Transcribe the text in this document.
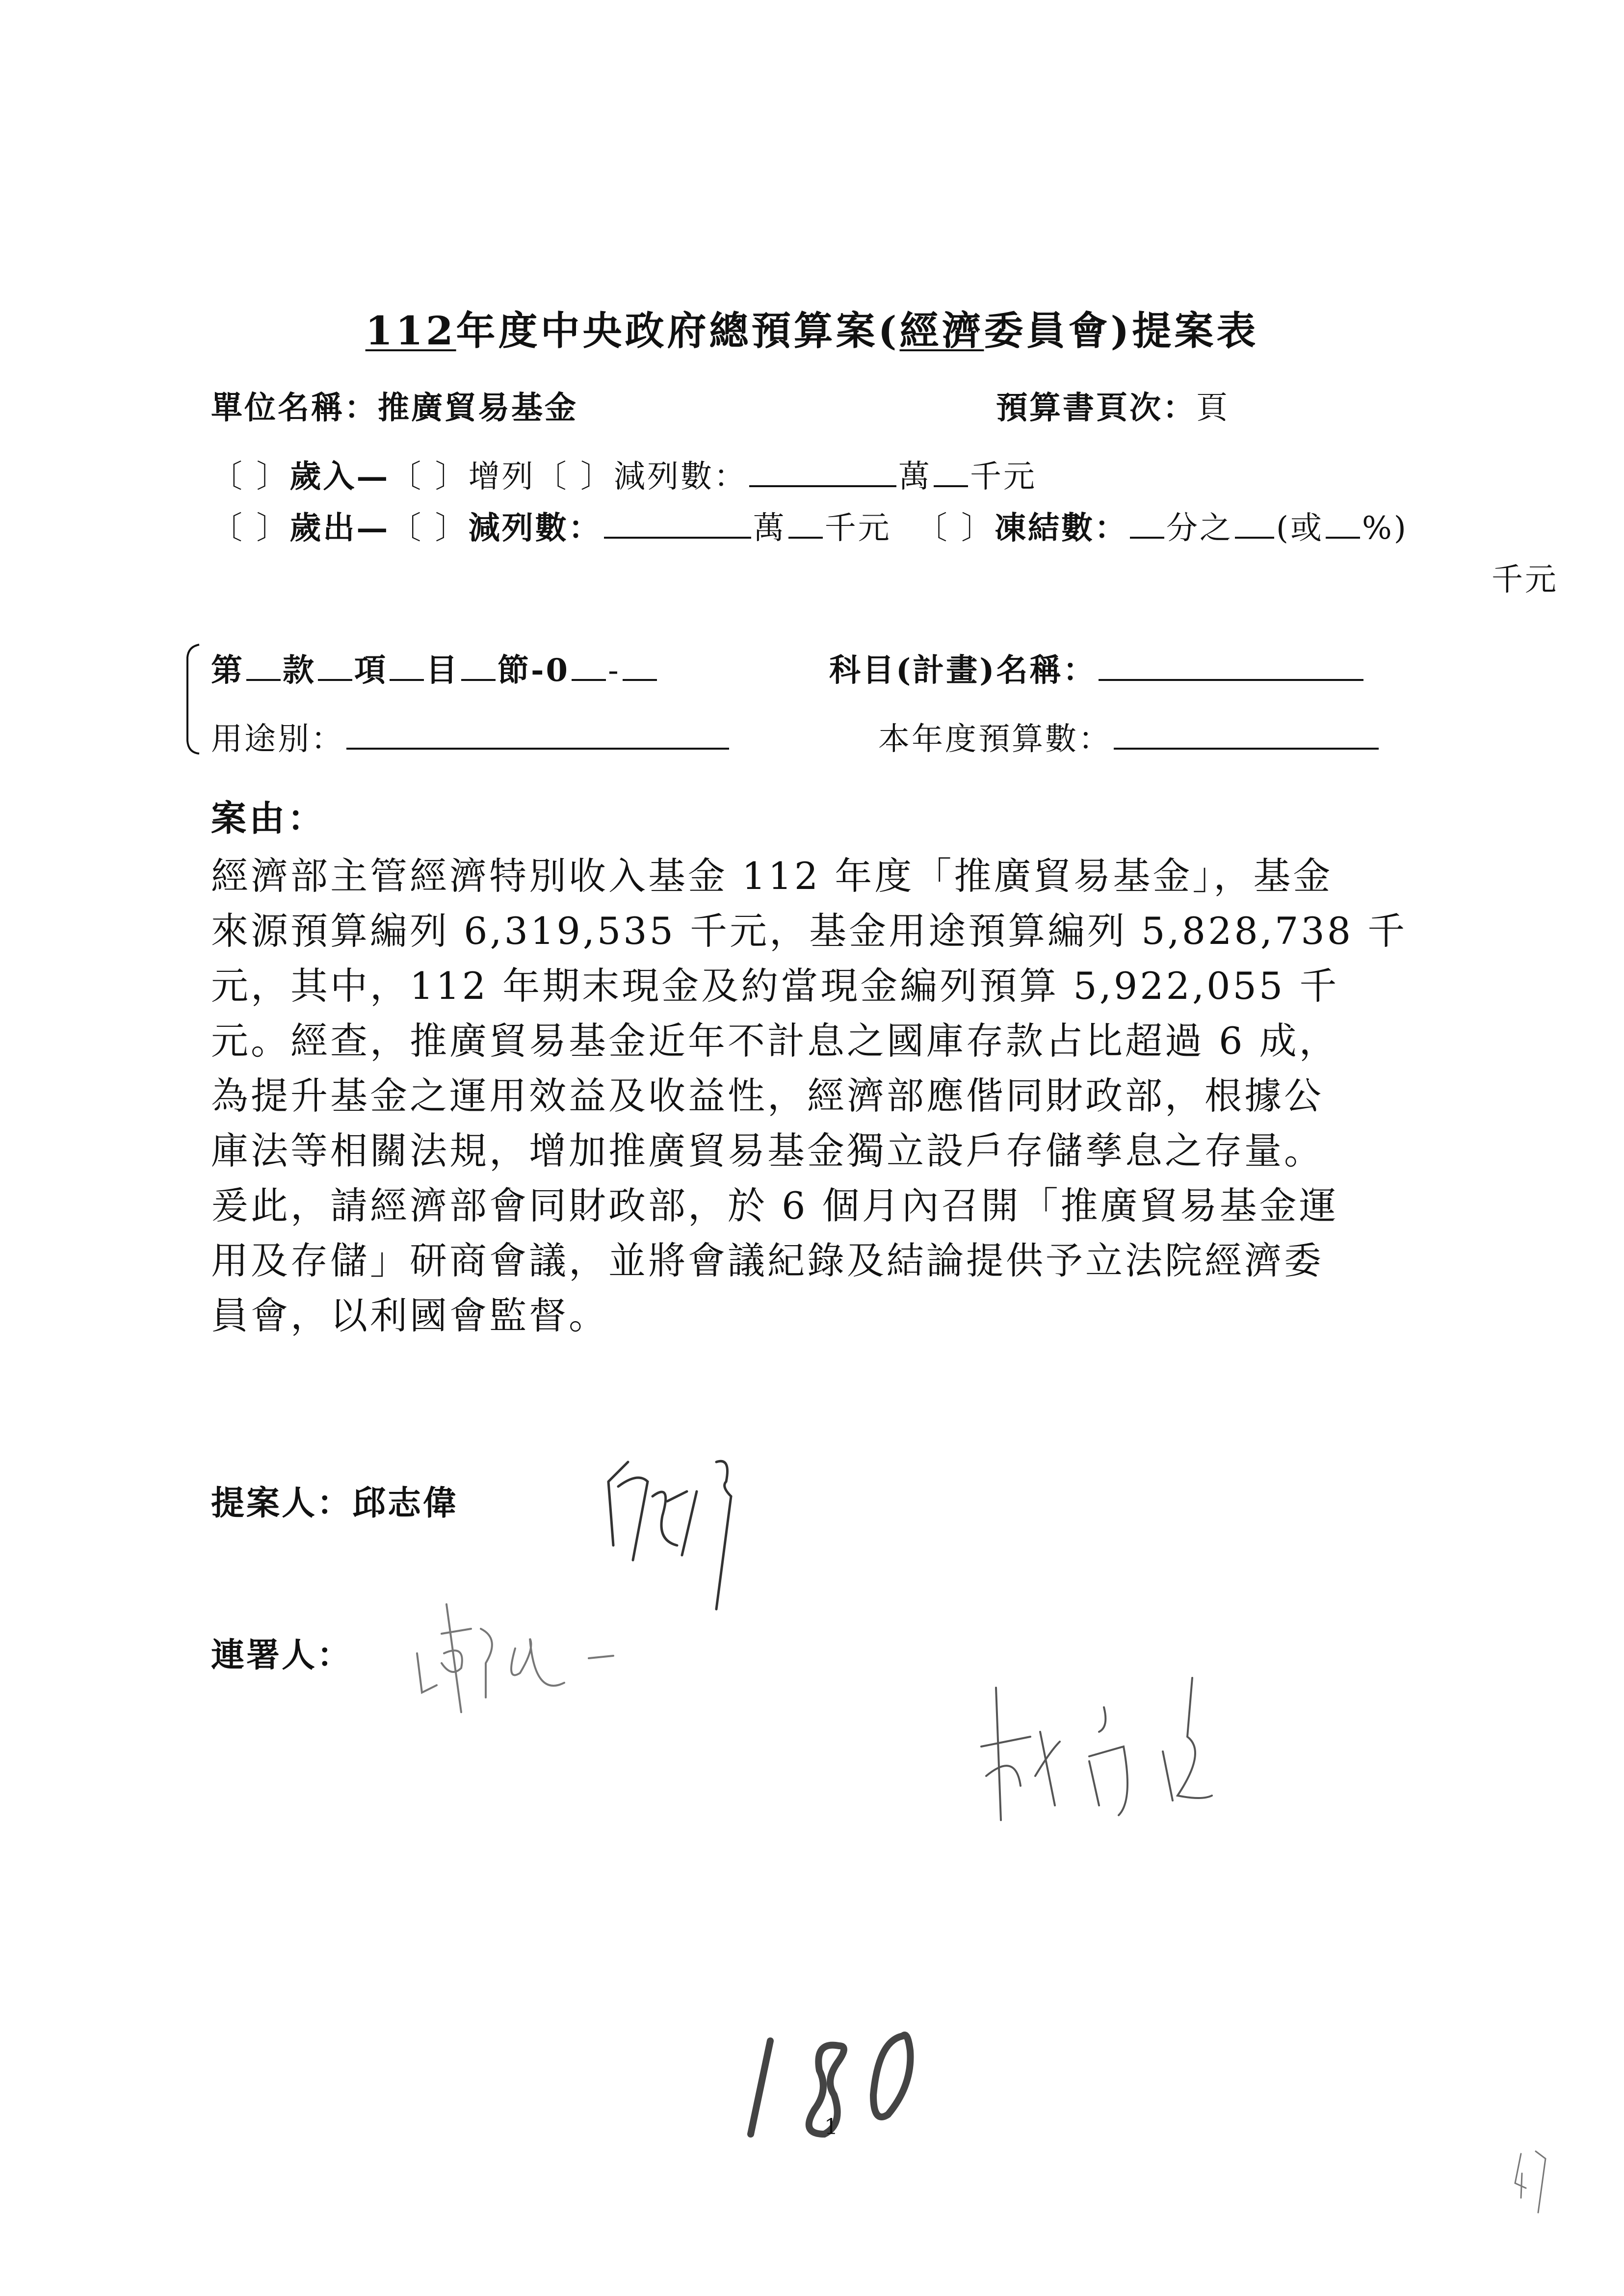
112年度中央政府總預算案(經濟委員會)提案表
單位名稱：推廣貿易基金	預算書頁次：頁
〔 〕歲入—〔 〕增列〔 〕減列數：	萬 千元
〔 〕歲出—〔 〕減列數：	萬 千元 〔 〕凍結數： 分之 (或 %)
千元
第 款 項 目 節-0 -	科目(計畫)名稱：
用途別：	本年度預算數：
案由：
經濟部主管經濟特別收入基金 112 年度「推廣貿易基金」，基金
來源預算編列 6,319,535 千元，基金用途預算編列 5,828,738 千
元，其中，112 年期末現金及約當現金編列預算 5,922,055 千
元。經查，推廣貿易基金近年不計息之國庫存款占比超過 6 成，
為提升基金之運用效益及收益性，經濟部應偕同財政部，根據公
庫法等相關法規，增加推廣貿易基金獨立設戶存儲孳息之存量。
爰此，請經濟部會同財政部，於 6 個月內召開「推廣貿易基金運
用及存儲」研商會議，並將會議紀錄及結論提供予立法院經濟委
員會，以利國會監督。
提案人：邱志偉
連署人：
1
